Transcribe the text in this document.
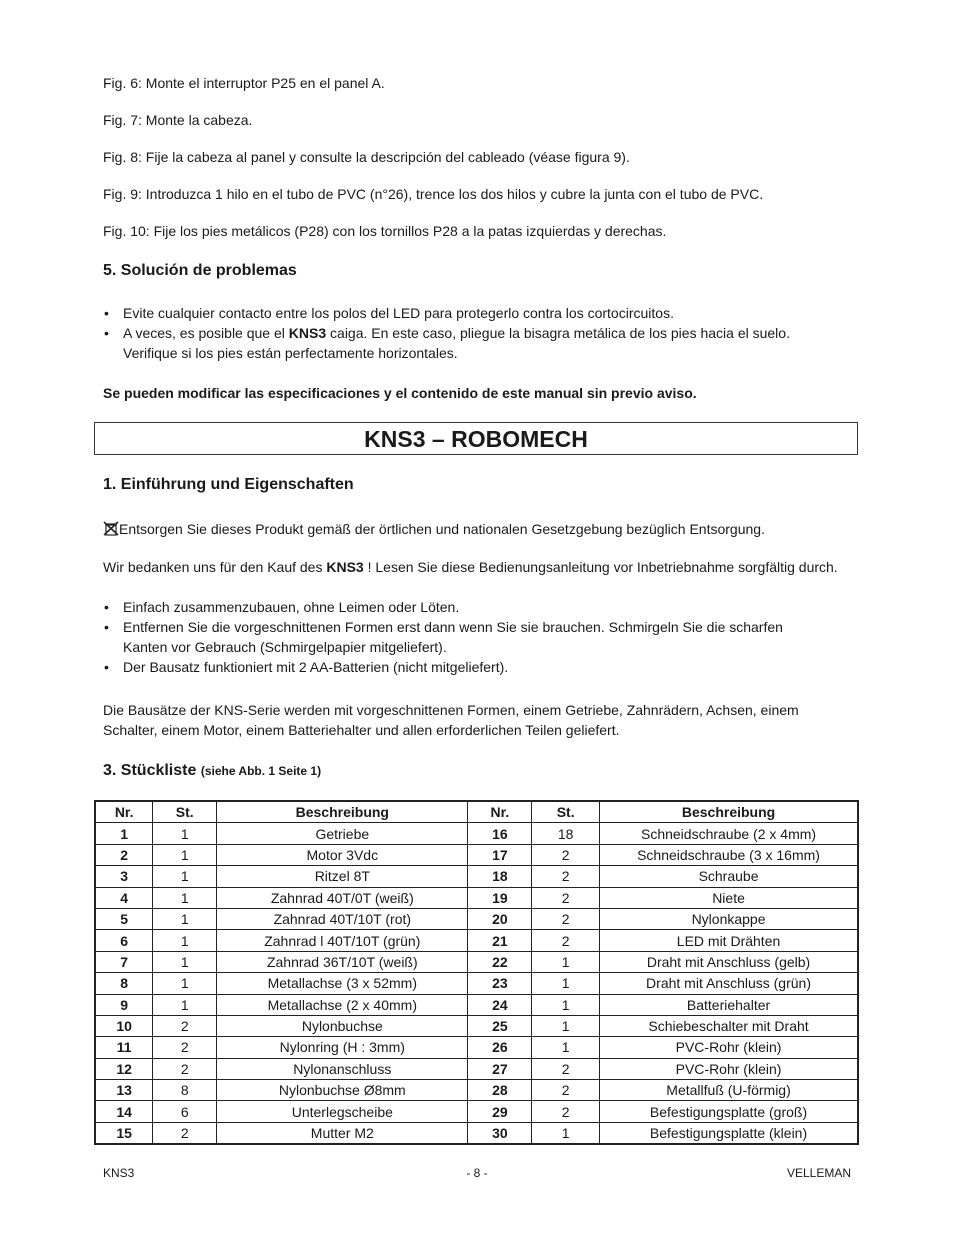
Fig. 6: Monte el interruptor P25 en el panel A.

Fig. 7: Monte la cabeza.

Fig. 8: Fije la cabeza al panel y consulte la descripción del cableado (véase figura 9).

Fig. 9: Introduzca 1 hilo en el tubo de PVC (n°26), trence los dos hilos y cubre la junta con el tubo de PVC.

Fig. 10: Fije los pies metálicos (P28) con los tornillos P28 a la patas izquierdas y derechas.

5. Solución de problemas
• Evite cualquier contacto entre los polos del LED para protegerlo contra los cortocircuitos.
• A veces, es posible que el KNS3 caiga. En este caso, pliegue la bisagra metálica de los pies hacia el suelo. Verifique si los pies están perfectamente horizontales.

Se pueden modificar las especificaciones y el contenido de este manual sin previo aviso.

KNS3 – ROBOMECH
1. Einführung und Eigenschaften

Entsorgen Sie dieses Produkt gemäß der örtlichen und nationalen Gesetzgebung bezüglich Entsorgung.

Wir bedanken uns für den Kauf des KNS3 ! Lesen Sie diese Bedienungsanleitung vor Inbetriebnahme sorgfältig durch.

• Einfach zusammenzubauen, ohne Leimen oder Löten.
• Entfernen Sie die vorgeschnittenen Formen erst dann wenn Sie sie brauchen. Schmirgeln Sie die scharfen Kanten vor Gebrauch (Schmirgelpapier mitgeliefert).
• Der Bausatz funktioniert mit 2 AA-Batterien (nicht mitgeliefert).

Die Bausätze der KNS-Serie werden mit vorgeschnittenen Formen, einem Getriebe, Zahnrädern, Achsen, einem Schalter, einem Motor, einem Batteriehalter und allen erforderlichen Teilen geliefert.

3. Stückliste (siehe Abb. 1 Seite 1)
Nr.	St.	Beschreibung	Nr.	St.	Beschreibung
1	1	Getriebe	16	18	Schneidschraube (2 x 4mm)
2	1	Motor 3Vdc	17	2	Schneidschraube (3 x 16mm)
3	1	Ritzel 8T	18	2	Schraube
4	1	Zahnrad 40T/0T (weiß)	19	2	Niete
5	1	Zahnrad 40T/10T (rot)	20	2	Nylonkappe
6	1	Zahnrad l 40T/10T (grün)	21	2	LED mit Drähten
7	1	Zahnrad 36T/10T (weiß)	22	1	Draht mit Anschluss (gelb)
8	1	Metallachse (3 x 52mm)	23	1	Draht mit Anschluss (grün)
9	1	Metallachse (2 x 40mm)	24	1	Batteriehalter
10	2	Nylonbuchse	25	1	Schiebeschalter mit Draht
11	2	Nylonring (H : 3mm)	26	1	PVC-Rohr (klein)
12	2	Nylonanschluss	27	2	PVC-Rohr (klein)
13	8	Nylonbuchse Ø8mm	28	2	Metallfuß (U-förmig)
14	6	Unterlegscheibe	29	2	Befestigungsplatte (groß)
15	2	Mutter M2	30	1	Befestigungsplatte (klein)

KNS3	- 8 -	VELLEMAN
